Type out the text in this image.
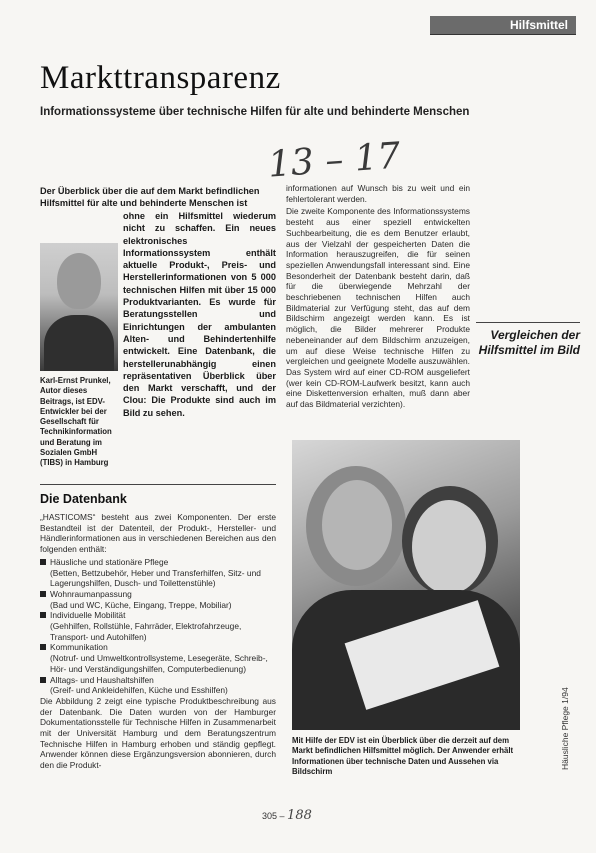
Hilfsmittel
Markttransparenz
Informationssysteme über technische Hilfen für alte und behinderte Menschen
13 – 17

Der Überblick über die auf dem Markt befindlichen

Hilfsmittel für alte und behinderte Menschen ist

ohne ein Hilfsmittel wiederum nicht zu schaffen. Ein neues elektronisches Informationssystem enthält aktuelle Produkt-, Preis- und Herstellerinformationen von 5 000 technischen Hilfen mit über 15 000 Produktvarianten. Es wurde für Beratungsstellen und Einrichtungen der ambulanten Alten- und Behindertenhilfe entwickelt. Eine Datenbank, die herstellerunabhängig einen repräsentativen Überblick über den Markt verschafft, und der Clou: Die Produkte sind auch im Bild zu sehen.

Karl-Ernst Prunkel, Autor dieses Beitrags, ist EDV-Entwickler bei der Gesellschaft für Technikinformation und Beratung im Sozialen GmbH (TIBS) in Hamburg

informationen auf Wunsch bis zu weit und ein fehlertolerant werden.

Die zweite Komponente des Informationssystems besteht aus einer speziell entwickelten Suchbearbeitung, die es dem Benutzer erlaubt, aus der Vielzahl der gespeicherten Daten die Information herauszugreifen, die für seinen speziellen Anwendungsfall interessant sind. Eine Besonderheit der Datenbank besteht darin, daß für die überwiegende Mehrzahl der beschriebenen technischen Hilfen auch Bildmaterial zur Verfügung steht, das auf dem Bildschirm angezeigt werden kann. Es ist möglich, die Bilder mehrerer Produkte nebeneinander auf dem Bildschirm anzuzeigen, um auf diese Weise technische Hilfen zu vergleichen und geeignete Modelle auszuwählen. Das System wird auf einer CD-ROM ausgeliefert (wer kein CD-ROM-Laufwerk besitzt, kann auch eine Diskettenversion erhalten, muß dann aber auf das Bildmaterial verzichten).

Vergleichen der Hilfsmittel im Bild
Die Datenbank

„HASTICOMS“ besteht aus zwei Komponenten. Der erste Bestandteil ist der Datenteil, der Produkt-, Hersteller- und Händlerinformationen aus in verschiedenen Bereichen aus den folgenden enthält:

Häusliche und stationäre Pflege
(Betten, Bettzubehör, Heber und Transferhilfen, Sitz- und Lagerungshilfen, Dusch- und Toilettenstühle)
Wohnraumanpassung
(Bad und WC, Küche, Eingang, Treppe, Mobiliar)
Individuelle Mobilität
(Gehhilfen, Rollstühle, Fahrräder, Elektrofahrzeuge, Transport- und Autohilfen)
Kommunikation
(Notruf- und Umweltkontrollsysteme, Lesegeräte, Schreib-, Hör- und Verständigungshilfen, Computerbedienung)
Alltags- und Haushaltshilfen
(Greif- und Ankleidehilfen, Küche und Esshilfen)

Die Abbildung 2 zeigt eine typische Produktbeschreibung aus der Datenbank. Die Daten wurden von der Hamburger Dokumentationsstelle für Technische Hilfen in Zusammenarbeit mit der Universität Hamburg und dem Beratungszentrum Technische Hilfen in Hamburg erhoben und ständig gepflegt. Anwender können diese Ergänzungsversion abonnieren, durch den die Produkt-

Mit Hilfe der EDV ist ein Überblick über die derzeit auf dem Markt befindlichen Hilfsmittel möglich. Der Anwender erhält Informationen über technische Daten und Aussehen via Bildschirm
Häusliche Pflege 1/94
305 – 188
